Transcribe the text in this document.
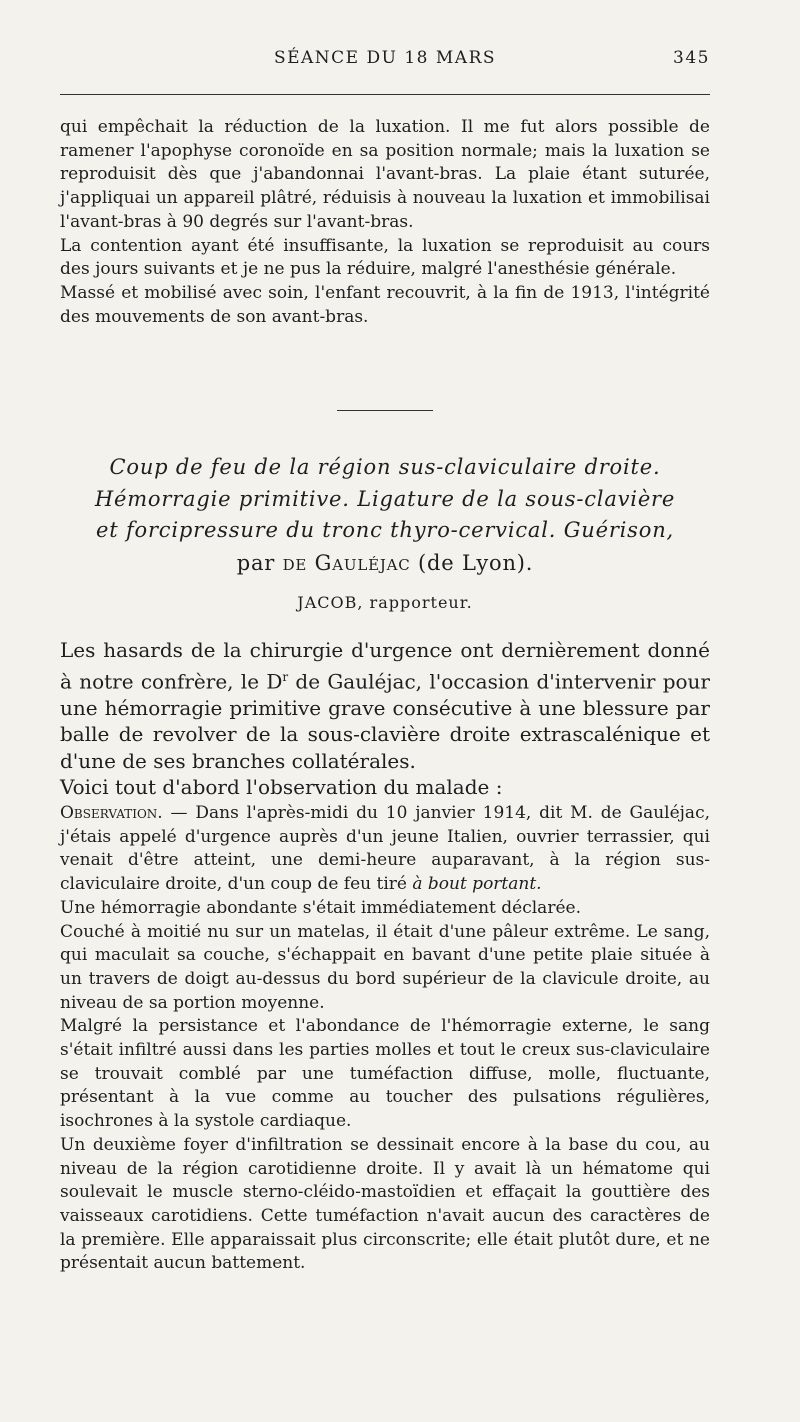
SÉANCE DU 18 MARS	345

qui empêchait la réduction de la luxation. Il me fut alors possible de ramener l'apophyse coronoïde en sa position normale; mais la luxation se reproduisit dès que j'abandonnai l'avant-bras. La plaie étant suturée, j'appliquai un appareil plâtré, réduisis à nouveau la luxation et immobilisai l'avant-bras à 90 degrés sur l'avant-bras.

La contention ayant été insuffisante, la luxation se reproduisit au cours des jours suivants et je ne pus la réduire, malgré l'anesthésie générale.

Massé et mobilisé avec soin, l'enfant recouvrit, à la fin de 1913, l'intégrité des mouvements de son avant-bras.

Coup de feu de la région sus-claviculaire droite.
Hémorragie primitive. Ligature de la sous-clavière
et forcipressure du tronc thyro-cervical. Guérison,
par de Gauléjac (de Lyon).
JACOB, rapporteur.

Les hasards de la chirurgie d'urgence ont dernièrement donné à notre confrère, le $D^r$ de Gauléjac, l'occasion d'intervenir pour une hémorragie primitive grave consécutive à une blessure par balle de revolver de la sous-clavière droite extrascalénique et d'une de ses branches collatérales.

Voici tout d'abord l'observation du malade :

Observation. — Dans l'après-midi du 10 janvier 1914, dit M. de Gauléjac, j'étais appelé d'urgence auprès d'un jeune Italien, ouvrier terrassier, qui venait d'être atteint, une demi-heure auparavant, à la région sus-claviculaire droite, d'un coup de feu tiré à bout portant.

Une hémorragie abondante s'était immédiatement déclarée.

Couché à moitié nu sur un matelas, il était d'une pâleur extrême. Le sang, qui maculait sa couche, s'échappait en bavant d'une petite plaie située à un travers de doigt au-dessus du bord supérieur de la clavicule droite, au niveau de sa portion moyenne.

Malgré la persistance et l'abondance de l'hémorragie externe, le sang s'était infiltré aussi dans les parties molles et tout le creux sus-claviculaire se trouvait comblé par une tuméfaction diffuse, molle, fluctuante, présentant à la vue comme au toucher des pulsations régulières, isochrones à la systole cardiaque.

Un deuxième foyer d'infiltration se dessinait encore à la base du cou, au niveau de la région carotidienne droite. Il y avait là un hématome qui soulevait le muscle sterno-cléido-mastoïdien et effaçait la gouttière des vaisseaux carotidiens. Cette tuméfaction n'avait aucun des caractères de la première. Elle apparaissait plus circonscrite; elle était plutôt dure, et ne présentait aucun battement.
